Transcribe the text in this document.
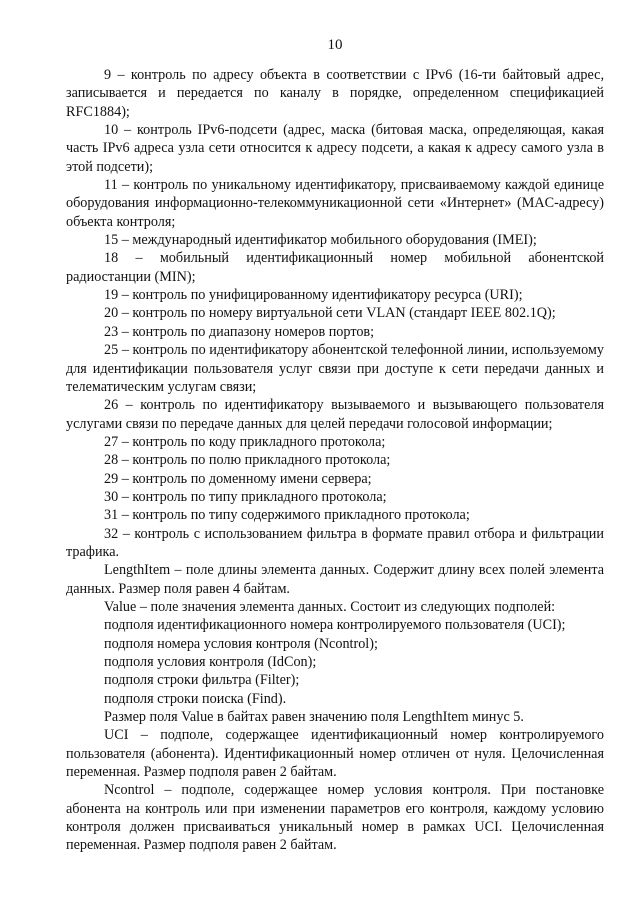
10

9 – контроль по адресу объекта в соответствии с IPv6 (16-ти байтовый адрес, записывается и передается по каналу в порядке, определенном спецификацией RFC1884);

10 – контроль IPv6-подсети (адрес, маска (битовая маска, определяющая, какая часть IPv6 адреса узла сети относится к адресу подсети, а какая к адресу самого узла в этой подсети);

11 – контроль по уникальному идентификатору, присваиваемому каждой единице оборудования информационно-телекоммуникационной сети «Интернет» (MAC-адресу) объекта контроля;

15 – международный идентификатор мобильного оборудования (IMEI);

18 – мобильный идентификационный номер мобильной абонентской радиостанции (MIN);

19 – контроль по унифицированному идентификатору ресурса (URI);

20 – контроль по номеру виртуальной сети VLAN (стандарт IEEE 802.1Q);

23 – контроль по диапазону номеров портов;

25 – контроль по идентификатору абонентской телефонной линии, используемому для идентификации пользователя услуг связи при доступе к сети передачи данных и телематическим услугам связи;

26 – контроль по идентификатору вызываемого и вызывающего пользователя услугами связи по передаче данных для целей передачи голосовой информации;

27 – контроль по коду прикладного протокола;

28 – контроль по полю прикладного протокола;

29 – контроль по доменному имени сервера;

30 – контроль по типу прикладного протокола;

31 – контроль по типу содержимого прикладного протокола;

32 – контроль с использованием фильтра в формате правил отбора и фильтрации трафика.

LengthItem – поле длины элемента данных. Содержит длину всех полей элемента данных. Размер поля равен 4 байтам.

Value – поле значения элемента данных. Состоит из следующих подполей:

подполя идентификационного номера контролируемого пользователя (UCI);

подполя номера условия контроля (Ncontrol);

подполя условия контроля (IdCon);

подполя строки фильтра (Filter);

подполя строки поиска (Find).

Размер поля Value в байтах равен значению поля LengthItem минус 5.

UCI – подполе, содержащее идентификационный номер контролируемого пользователя (абонента). Идентификационный номер отличен от нуля. Целочисленная переменная. Размер подполя равен 2 байтам.

Ncontrol – подполе, содержащее номер условия контроля. При постановке абонента на контроль или при изменении параметров его контроля, каждому условию контроля должен присваиваться уникальный номер в рамках UCI. Целочисленная переменная. Размер подполя равен 2 байтам.
